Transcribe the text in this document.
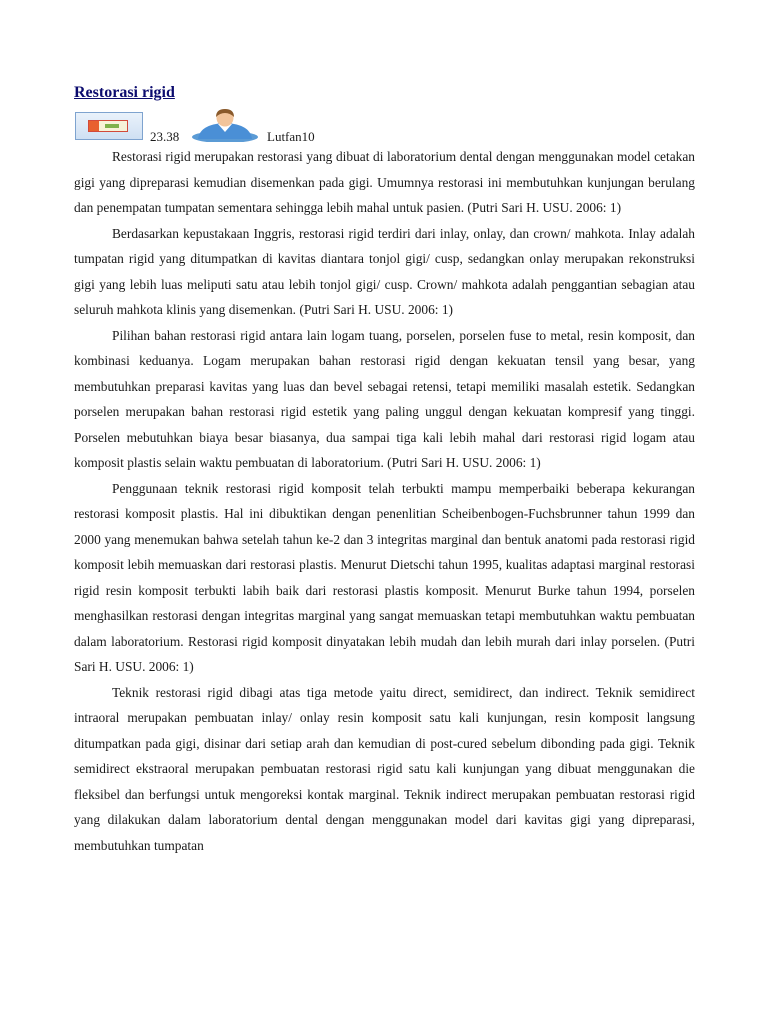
Restorasi rigid
23.38	Lutfan10

Restorasi rigid merupakan restorasi yang dibuat di laboratorium dental dengan menggunakan model cetakan gigi yang dipreparasi kemudian disemenkan pada gigi. Umumnya restorasi ini membutuhkan kunjungan berulang dan penempatan tumpatan sementara sehingga lebih mahal untuk pasien. (Putri Sari H. USU. 2006: 1)

Berdasarkan kepustakaan Inggris, restorasi rigid terdiri dari inlay, onlay, dan crown/ mahkota. Inlay adalah tumpatan rigid yang ditumpatkan di kavitas diantara tonjol gigi/ cusp, sedangkan onlay merupakan rekonstruksi gigi yang lebih luas meliputi satu atau lebih tonjol gigi/ cusp. Crown/ mahkota adalah penggantian sebagian atau seluruh mahkota klinis yang disemenkan. (Putri Sari H. USU. 2006: 1)

Pilihan bahan restorasi rigid antara lain logam tuang, porselen, porselen fuse to metal, resin komposit, dan kombinasi keduanya. Logam merupakan bahan restorasi rigid dengan kekuatan tensil yang besar, yang membutuhkan preparasi kavitas yang luas dan bevel sebagai retensi, tetapi memiliki masalah estetik. Sedangkan porselen merupakan bahan restorasi rigid estetik yang paling unggul dengan kekuatan kompresif yang tinggi. Porselen mebutuhkan biaya besar biasanya, dua sampai tiga kali lebih mahal dari restorasi rigid logam atau komposit plastis selain waktu pembuatan di laboratorium. (Putri Sari H. USU. 2006: 1)

Penggunaan teknik restorasi rigid komposit telah terbukti mampu memperbaiki beberapa kekurangan restorasi komposit plastis. Hal ini dibuktikan dengan penenlitian Scheibenbogen-Fuchsbrunner tahun 1999 dan 2000 yang menemukan bahwa setelah tahun ke-2 dan 3 integritas marginal dan bentuk anatomi pada restorasi rigid komposit lebih memuaskan dari restorasi plastis. Menurut Dietschi tahun 1995, kualitas adaptasi marginal restorasi rigid resin komposit terbukti labih baik dari restorasi plastis komposit. Menurut Burke tahun 1994, porselen menghasilkan restorasi dengan integritas marginal yang sangat memuaskan tetapi membutuhkan waktu pembuatan dalam laboratorium. Restorasi rigid komposit dinyatakan lebih mudah dan lebih murah dari inlay porselen. (Putri Sari H. USU. 2006: 1)

Teknik restorasi rigid dibagi atas tiga metode yaitu direct, semidirect, dan indirect. Teknik semidirect intraoral merupakan pembuatan inlay/ onlay resin komposit satu kali kunjungan, resin komposit langsung ditumpatkan pada gigi, disinar dari setiap arah dan kemudian di post-cured sebelum dibonding pada gigi. Teknik semidirect ekstraoral merupakan pembuatan restorasi rigid satu kali kunjungan yang dibuat menggunakan die fleksibel dan berfungsi untuk mengoreksi kontak marginal. Teknik indirect merupakan pembuatan restorasi rigid yang dilakukan dalam laboratorium dental dengan menggunakan model dari kavitas gigi yang dipreparasi, membutuhkan tumpatan
